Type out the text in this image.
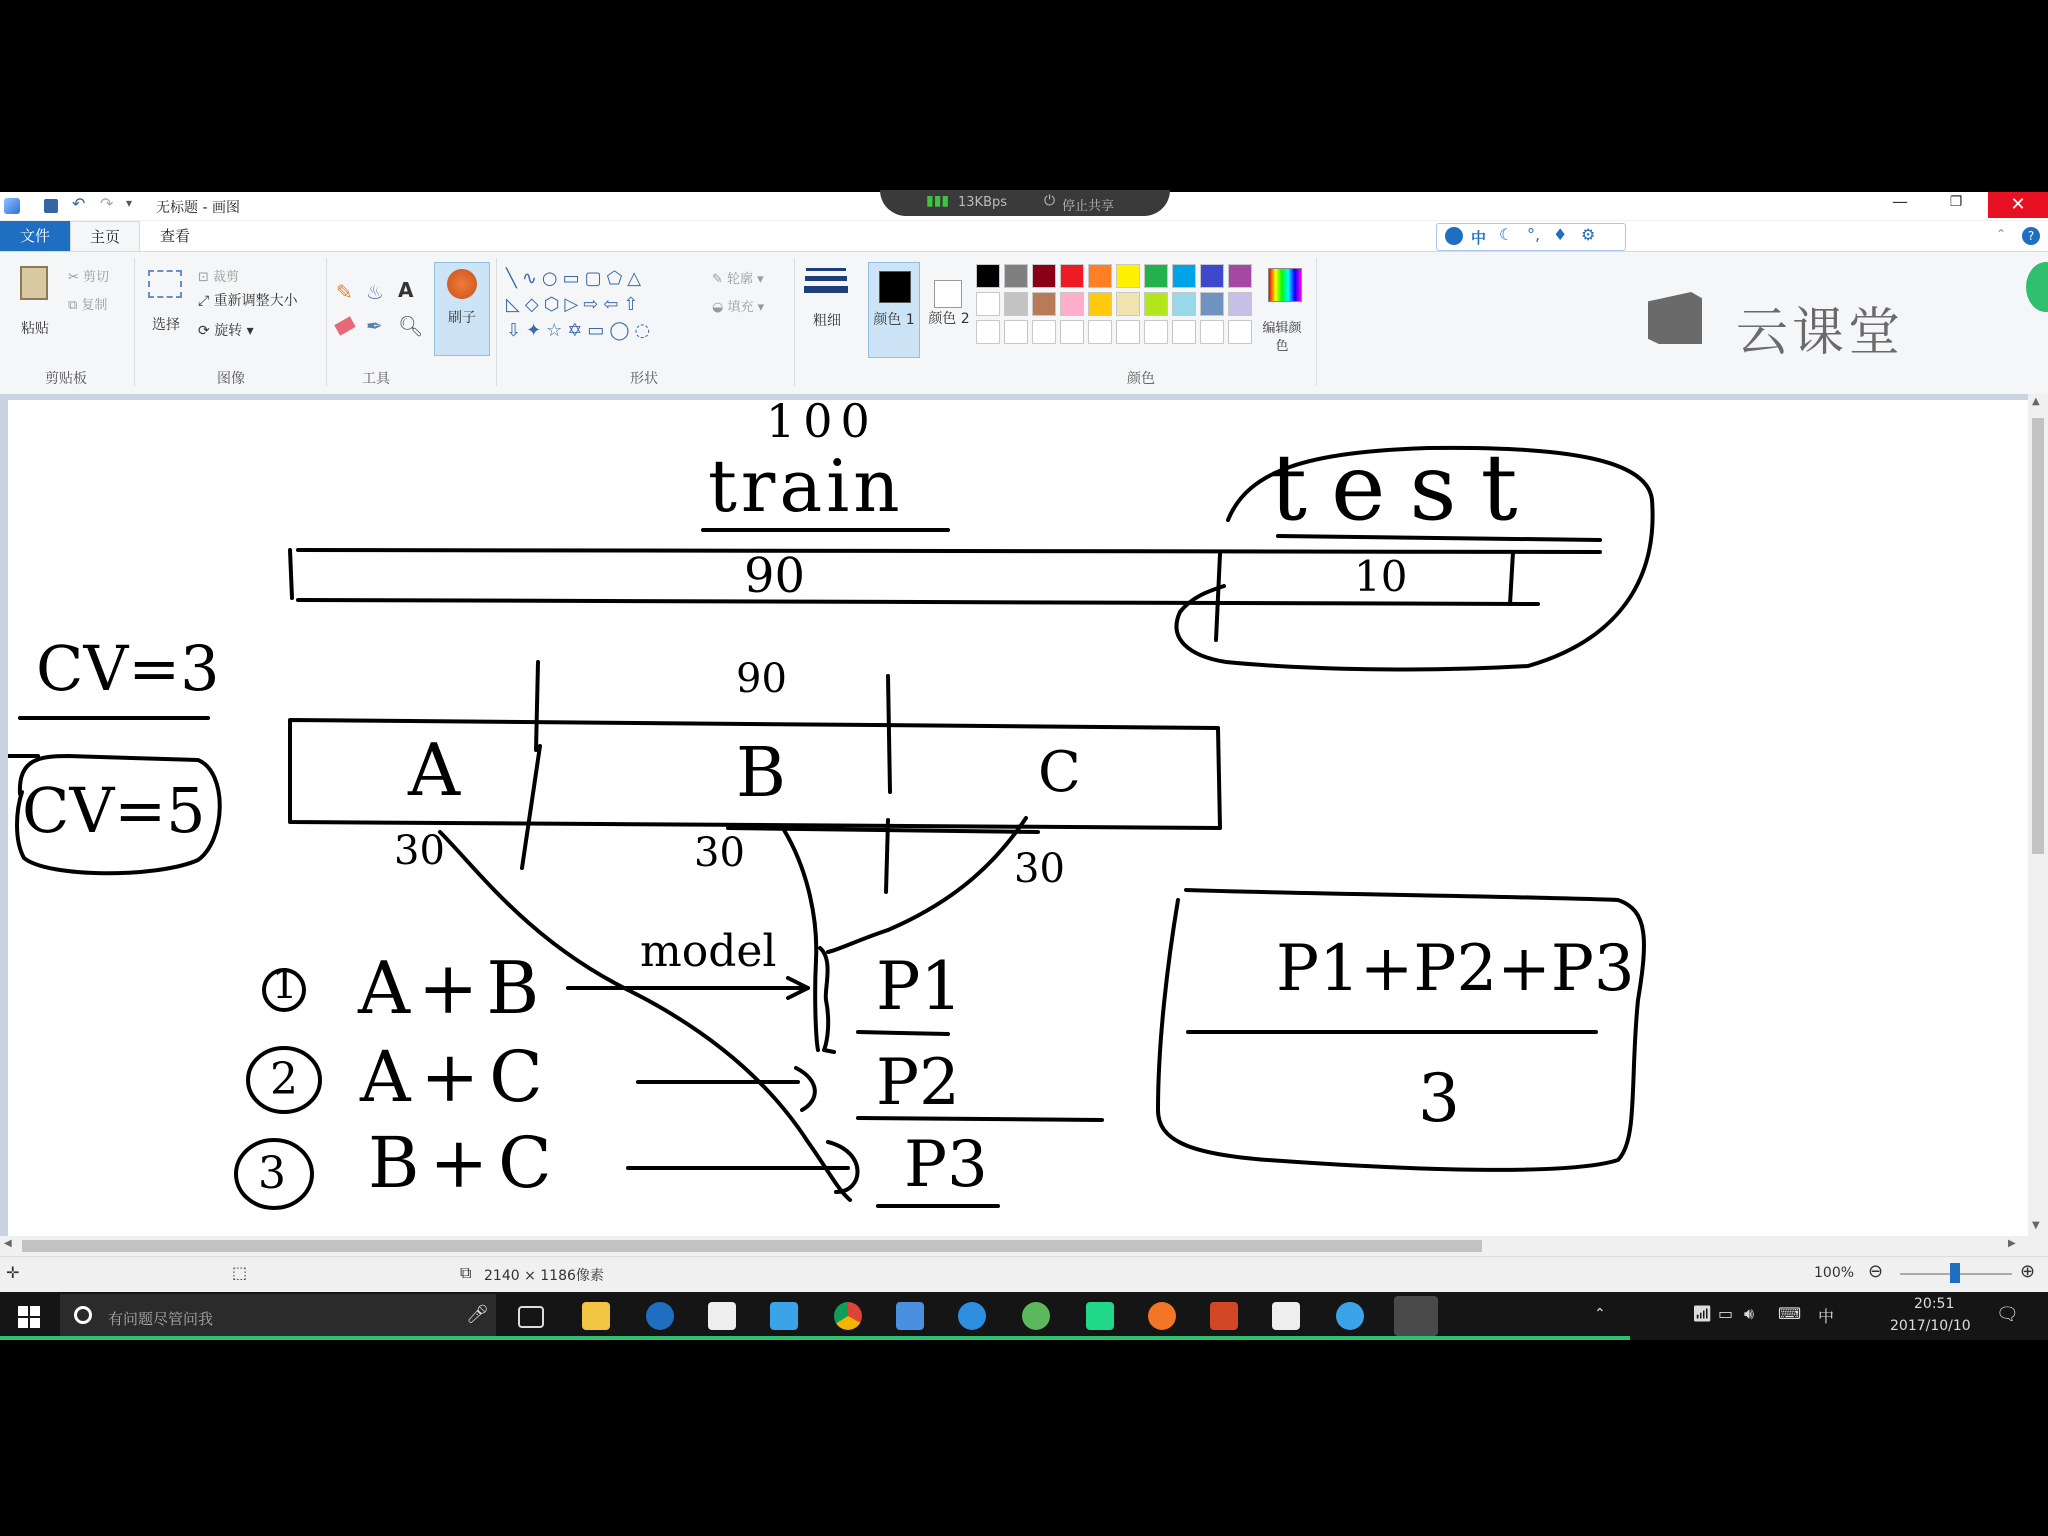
↶ ↷ ▾ 无标题 - 画图	—	❐	✕
▮▮▮ 13KBps	⏻ 停止共享
文件	主页	查看	中 ☾ °, ♦ ⚙	⌃	?
粘贴
✂ 剪切
⧉ 复制
剪贴板
选择
⊡ 裁剪
⤢ 重新调整大小
⟳ 旋转 ▾
图像
✎ ♨ A
✒ 🔍︎
工具
刷子
╲∿○▭▢⬠△
◺◇⬡▷⇨⇦⇧
⇩✦☆✡▭◯◌
✎ 轮廓 ▾
◒ 填充 ▾
形状
粗细	颜色 1 颜色 2
编辑颜色
颜色
云课堂
100
train	test
90	10
CV=3
CV=5
90
A	B	C
30	30	30
model
1 A+B
2 A+C
3 B+C
P1
P2
P3
P1+P2+P3
3
▲
▼
◀	▶
✛	⬚	⧉ 2140 × 1186像素	100% ⊖	⊕
有问题尽管问我	🎤︎	⌃	📶︎ ▭ 🔊︎ ⌨ 中
20:51
2017/10/10
🗨︎
